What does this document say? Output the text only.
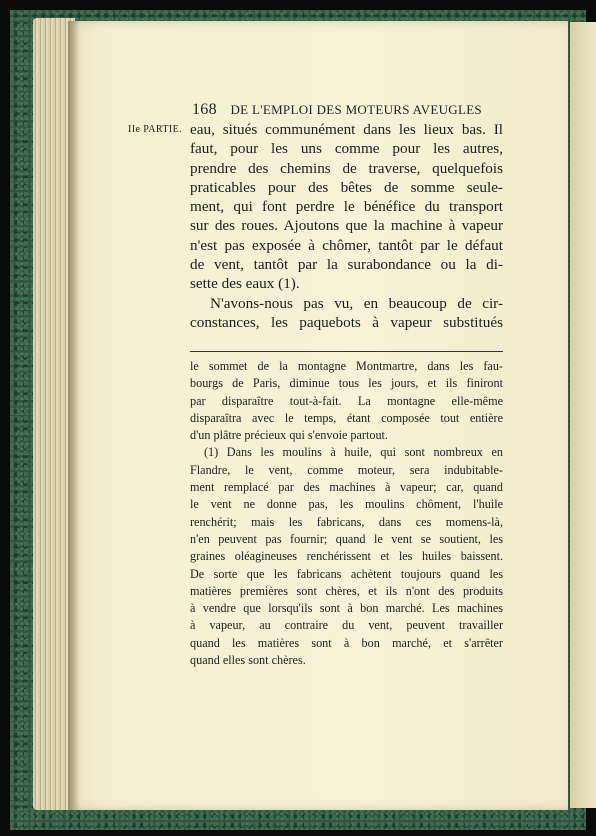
168 DE L'EMPLOI DES MOTEURS AVEUGLES
IIe PARTIE. eau, situés communément dans les lieux bas. Il
faut, pour les uns comme pour les autres,
prendre des chemins de traverse, quelquefois
praticables pour des bêtes de somme seule-
ment, qui font perdre le bénéfice du transport
sur des roues. Ajoutons que la machine à vapeur
n'est pas exposée à chômer, tantôt par le défaut
de vent, tantôt par la surabondance ou la di-
sette des eaux (1).
N'avons-nous pas vu, en beaucoup de cir-
constances, les paquebots à vapeur substitués
le sommet de la montagne Montmartre, dans les fau-
bourgs de Paris, diminue tous les jours, et ils finiront
par disparaître tout-à-fait. La montagne elle-même
disparaîtra avec le temps, étant composée tout entière
d'un plâtre précieux qui s'envoie partout.
(1) Dans les moulins à huile, qui sont nombreux en
Flandre, le vent, comme moteur, sera indubitable-
ment remplacé par des machines à vapeur; car, quand
le vent ne donne pas, les moulins chôment, l'huile
renchérit; mais les fabricans, dans ces momens-là,
n'en peuvent pas fournir; quand le vent se soutient, les
graines oléagineuses renchérissent et les huiles baissent.
De sorte que les fabricans achètent toujours quand les
matières premières sont chères, et ils n'ont des produits
à vendre que lorsqu'ils sont à bon marché. Les machines
à vapeur, au contraire du vent, peuvent travailler
quand les matières sont à bon marché, et s'arrêter
quand elles sont chères.
